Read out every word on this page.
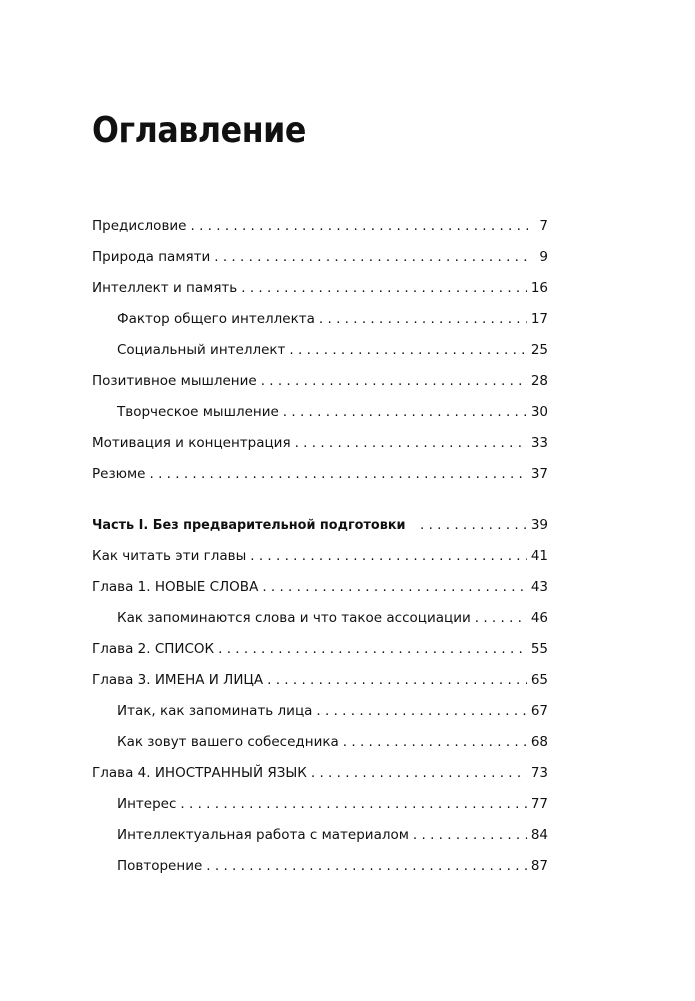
Оглавление
Предисловие . . .	7
Природа памяти . . .	9
Интеллект и память . . .	16
Фактор общего интеллекта . . .	17
Социальный интеллект . . .	25
Позитивное мышление . . .	28
Творческое мышление . . .	30
Мотивация и концентрация . . .	33
Резюме . . .	37
Часть I. Без предварительной подготовки . . .	39
Как читать эти главы . . .	41
Глава 1. НОВЫЕ СЛОВА . . .	43
Как запоминаются слова и что такое ассоциации . . .	46
Глава 2. СПИСОК . . .	55
Глава 3. ИМЕНА И ЛИЦА . . .	65
Итак, как запоминать лица . . .	67
Как зовут вашего собеседника . . .	68
Глава 4. ИНОСТРАННЫЙ ЯЗЫК . . .	73
Интерес . . .	77
Интеллектуальная работа с материалом . . .	84
Повторение . . .	87
